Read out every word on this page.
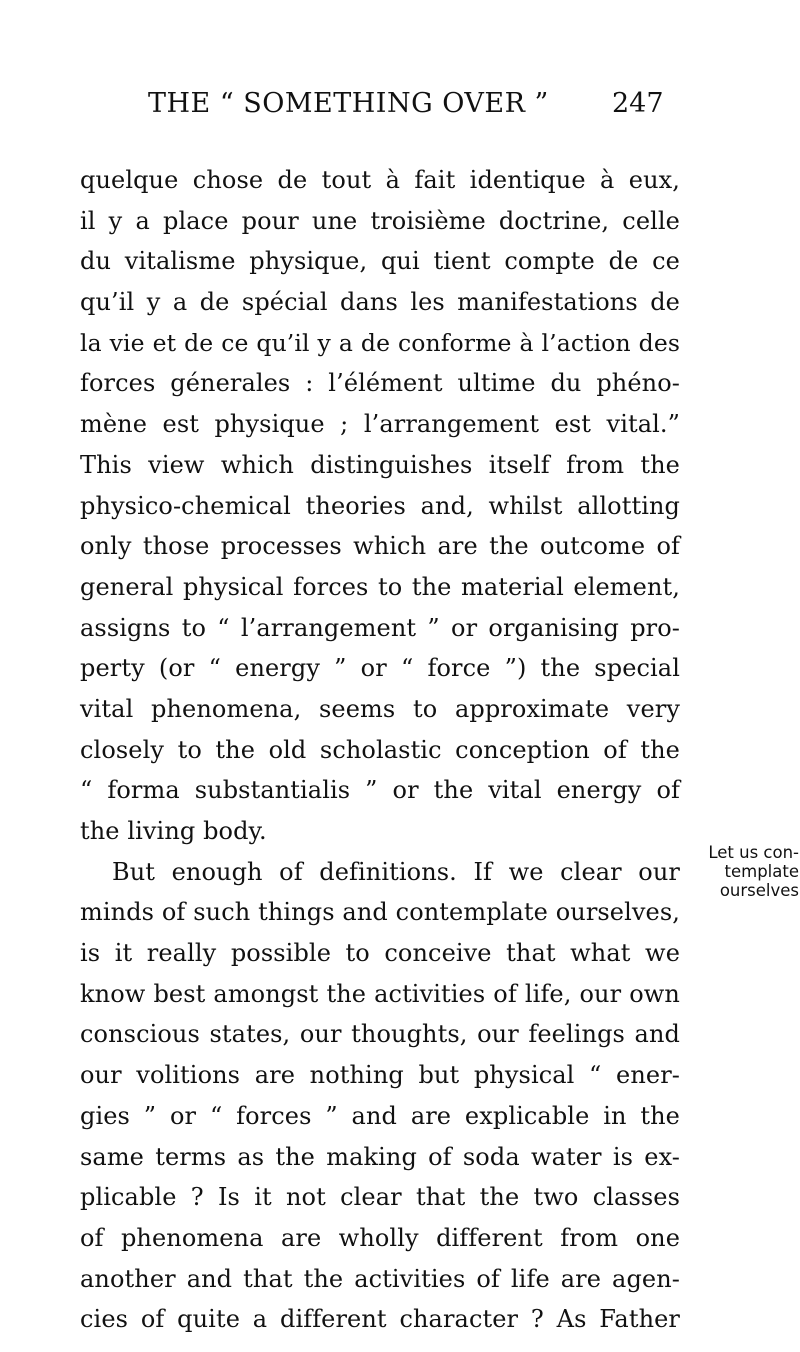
THE “ SOMETHING OVER ” 247
quelque chose de tout à fait identique à eux,
il y a place pour une troisième doctrine, celle
du vitalisme physique, qui tient compte de ce
qu’il y a de spécial dans les manifestations de
la vie et de ce qu’il y a de conforme à l’action des
forces génerales : l’élément ultime du phéno-
mène est physique ; l’arrangement est vital.”
This view which distinguishes itself from the
physico-chemical theories and, whilst allotting
only those processes which are the outcome of
general physical forces to the material element,
assigns to “ l’arrangement ” or organising pro-
perty (or “ energy ” or “ force ”) the special
vital phenomena, seems to approximate very
closely to the old scholastic conception of the
“ forma substantialis ” or the vital energy of
the living body.
But enough of definitions. If we clear our
minds of such things and contemplate ourselves,
is it really possible to conceive that what we
know best amongst the activities of life, our own
conscious states, our thoughts, our feelings and
our volitions are nothing but physical “ ener-
gies ” or “ forces ” and are explicable in the
same terms as the making of soda water is ex-
plicable ? Is it not clear that the two classes
of phenomena are wholly different from one
another and that the activities of life are agen-
cies of quite a different character ? As Father
Let us con-
template
ourselves
